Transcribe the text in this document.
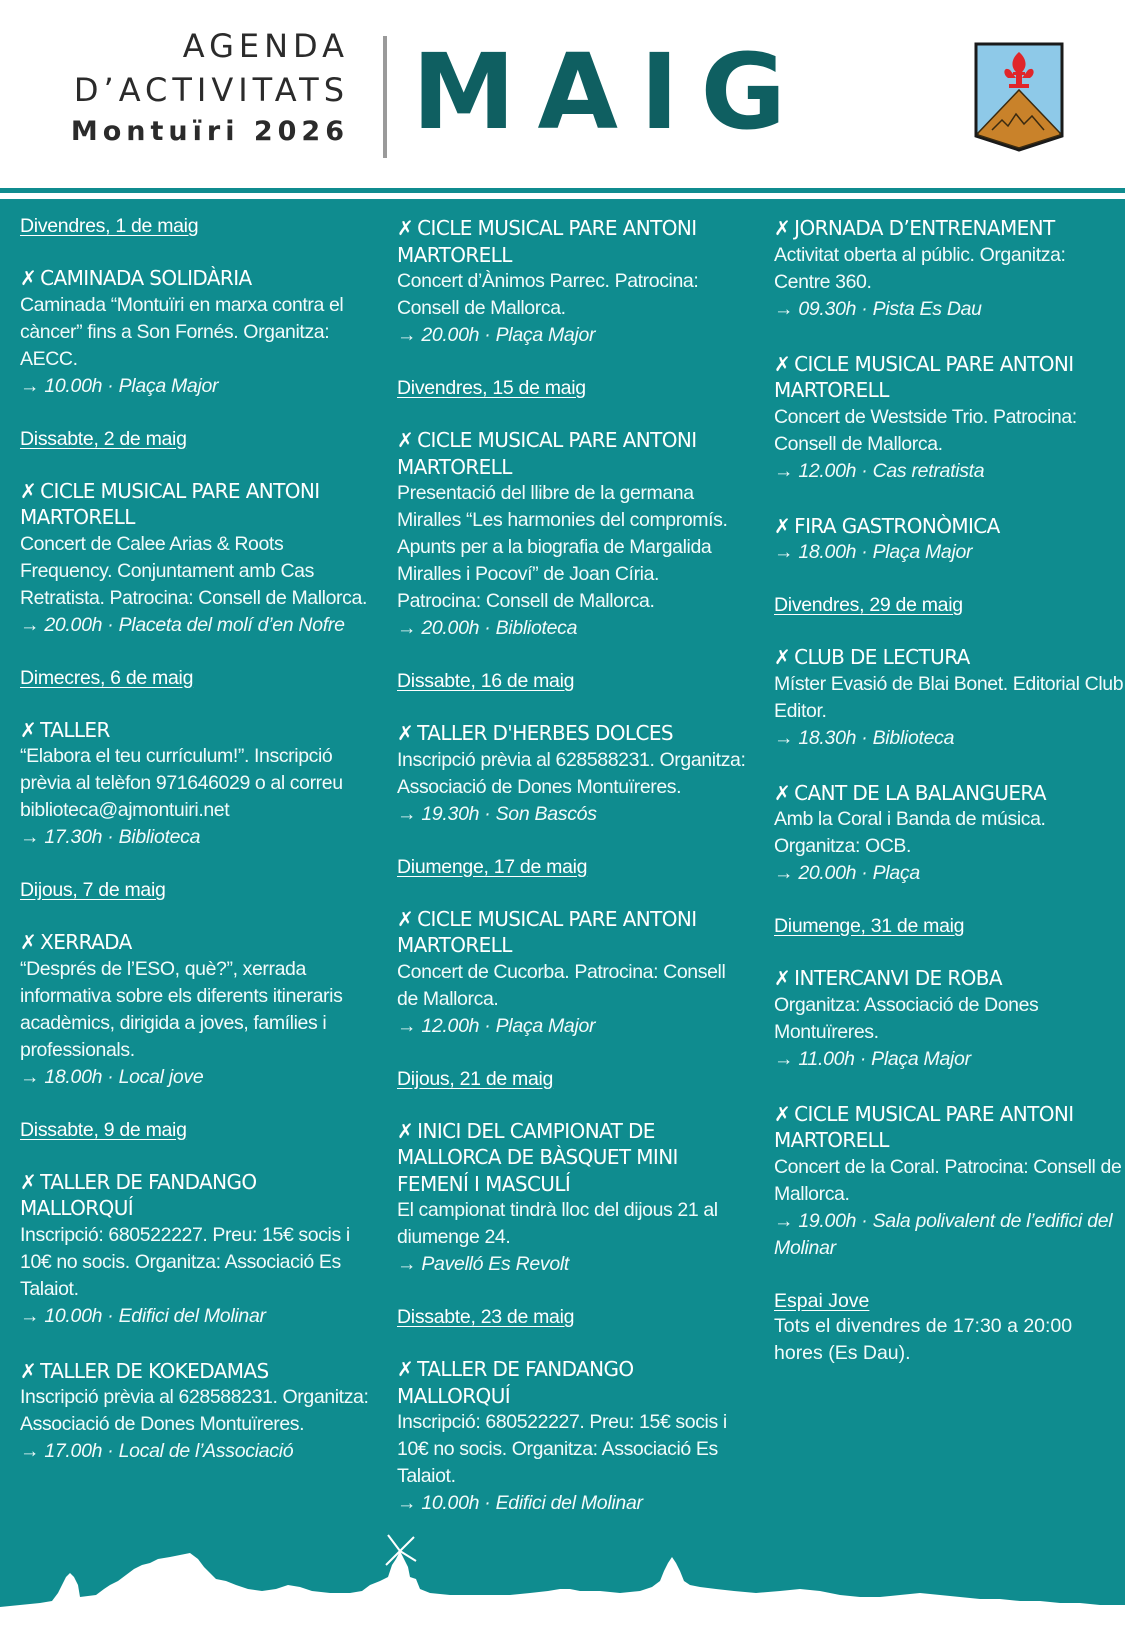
AGENDA
D’ACTIVITATS
Montuïri 2026 MAIG
Divendres, 1 de maig
✗ CAMINADA SOLIDÀRIA
Caminada “Montuïri en marxa contra el càncer” fins a Son Fornés. Organitza: AECC.
→ 10.00h · Plaça Major
Dissabte, 2 de maig
✗ CICLE MUSICAL PARE ANTONI MARTORELL
Concert de Calee Arias & Roots Frequency. Conjuntament amb Cas Retratista. Patrocina: Consell de Mallorca.
→ 20.00h · Placeta del molí d’en Nofre
Dimecres, 6 de maig
✗ TALLER
“Elabora el teu currículum!”. Inscripció prèvia al telèfon 971646029 o al correu biblioteca@ajmontuiri.net
→ 17.30h · Biblioteca
Dijous, 7 de maig
✗ XERRADA
“Després de l’ESO, què?”, xerrada informativa sobre els diferents itineraris acadèmics, dirigida a joves, famílies i professionals.
→ 18.00h · Local jove
Dissabte, 9 de maig
✗ TALLER DE FANDANGO MALLORQUÍ
Inscripció: 680522227. Preu: 15€ socis i 10€ no socis. Organitza: Associació Es Talaiot.
→ 10.00h · Edifici del Molinar
✗ TALLER DE KOKEDAMAS
Inscripció prèvia al 628588231. Organitza: Associació de Dones Montuïreres.
→ 17.00h · Local de l’Associació
✗ CICLE MUSICAL PARE ANTONI MARTORELL
Concert d’Ànimos Parrec. Patrocina: Consell de Mallorca.
→ 20.00h · Plaça Major
Divendres, 15 de maig
✗ CICLE MUSICAL PARE ANTONI MARTORELL
Presentació del llibre de la germana Miralles “Les harmonies del compromís. Apunts per a la biografia de Margalida Miralles i Pocoví” de Joan Círia. Patrocina: Consell de Mallorca.
→ 20.00h · Biblioteca
Dissabte, 16 de maig
✗ TALLER D'HERBES DOLCES
Inscripció prèvia al 628588231. Organitza: Associació de Dones Montuïreres.
→ 19.30h · Son Bascós
Diumenge, 17 de maig
✗ CICLE MUSICAL PARE ANTONI MARTORELL
Concert de Cucorba. Patrocina: Consell de Mallorca.
→ 12.00h · Plaça Major
Dijous, 21 de maig
✗ INICI DEL CAMPIONAT DE MALLORCA DE BÀSQUET MINI FEMENÍ I MASCULÍ
El campionat tindrà lloc del dijous 21 al diumenge 24.
→ Pavelló Es Revolt
Dissabte, 23 de maig
✗ TALLER DE FANDANGO MALLORQUÍ
Inscripció: 680522227. Preu: 15€ socis i 10€ no socis. Organitza: Associació Es Talaiot.
→ 10.00h · Edifici del Molinar
✗ JORNADA D’ENTRENAMENT
Activitat oberta al públic. Organitza: Centre 360.
→ 09.30h · Pista Es Dau
✗ CICLE MUSICAL PARE ANTONI MARTORELL
Concert de Westside Trio. Patrocina: Consell de Mallorca.
→ 12.00h · Cas retratista
✗ FIRA GASTRONÒMICA
→ 18.00h · Plaça Major
Divendres, 29 de maig
✗ CLUB DE LECTURA
Míster Evasió de Blai Bonet. Editorial Club Editor.
→ 18.30h · Biblioteca
✗ CANT DE LA BALANGUERA
Amb la Coral i Banda de música. Organitza: OCB.
→ 20.00h · Plaça
Diumenge, 31 de maig
✗ INTERCANVI DE ROBA
Organitza: Associació de Dones Montuïreres.
→ 11.00h · Plaça Major
✗ CICLE MUSICAL PARE ANTONI MARTORELL
Concert de la Coral. Patrocina: Consell de Mallorca.
→ 19.00h · Sala polivalent de l’edifici del Molinar
Espai Jove
Tots el divendres de 17:30 a 20:00 hores (Es Dau).
